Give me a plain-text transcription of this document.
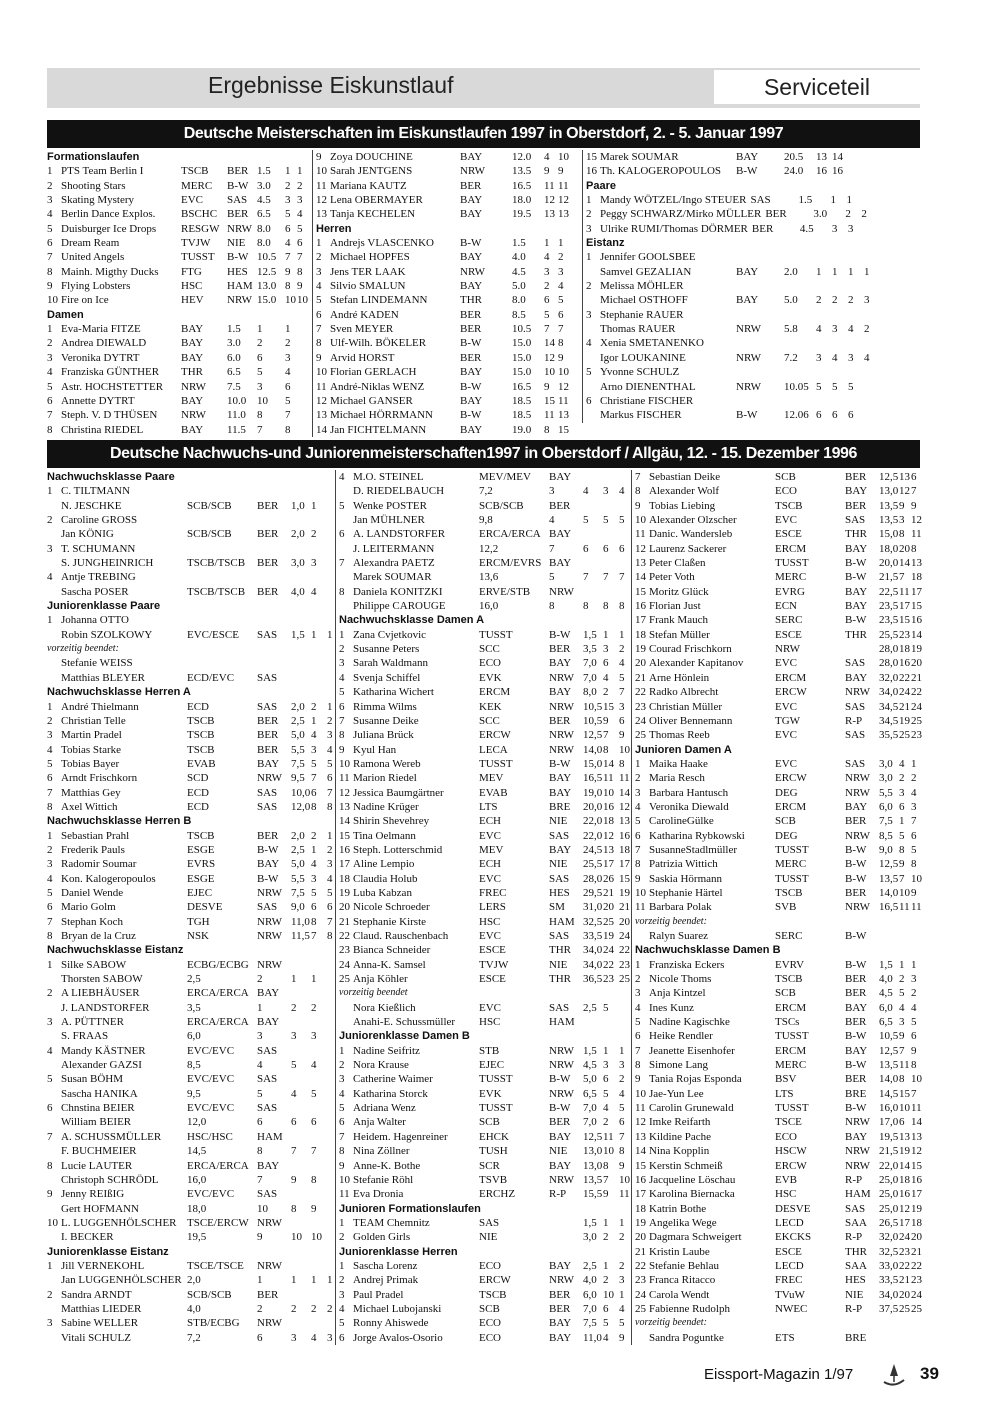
Ergebnisse Eiskunstlauf	Serviceteil
Deutsche Meisterschaften im Eiskunstlaufen 1997 in Oberstdorf, 2. - 5. Januar 1997
Deutsche Nachwuchs-und Juniorenmeisterschaften1997 in Oberstdorf / Allgäu, 12. - 15. Dezember 1996
Formationslaufen
1 PTS Team Berlin I	TSCB	BER 1.5	1 1
2 Shooting Stars	MERC	B-W 3.0	2 2
3 Skating Mystery	EVC	SAS 4.5	3 3
4 Berlin Dance Explos.	BSCHC BER 6.5	5 4
5 Duisburger Ice Drops	RESGW NRW 8.0	6 5
6 Dream Ream	TVJW	NIE	8.0	4 6
7 United Angels	TUSST	B-W 10.5 7 7
8 Mainh. Migthy Ducks	FTG	HES 12.5 9 8
9 Flying Lobsters	HSC	HAM 13.0 8 9
10 Fire on Ice	HEV	NRW 15.0 10 10
Damen
1 Eva-Maria FITZE	BAY	1.5	1	1
2 Andrea DIEWALD	BAY	3.0	2	2
3 Veronika DYTRT	BAY	6.0	6	3
4 Franziska GÜNTHER	THR	6.5	5	4
5 Astr. HOCHSTETTER	NRW	7.5	3	6
6 Annette DYTRT	BAY	10.0 10	5
7 Steph. V. D THÜSEN	NRW	11.0	8	7
8 Christina RIEDEL	BAY	11.5	7	8
9 Zoya DOUCHINE	BAY	12.0	4 10
10 Sarah JENTGENS	NRW	13.5	9 9
11 Mariana KAUTZ	BER	16.5	11 11
12 Lena OBERMAYER	BAY	18.0	12 12
13 Tanja KECHELEN	BAY	19.5	13 13
Herren
1 Andrejs VLASCENKO	B-W	1.5	1 1
2 Michael HOPFES	BAY	4.0	4 2
3 Jens TER LAAK	NRW	4.5	3 3
4 Silvio SMALUN	BAY	5.0	2 4
5 Stefan LINDEMANN	THR	8.0	6 5
6 André KADEN	BER	8.5	5 6
7 Sven MEYER	BER	10.5	7 7
8 Ulf-Wilh. BÖKELER	B-W	15.0	14 8
9 Arvid HORST	BER	15.0	12 9
10 Florian GERLACH	BAY	15.0	10 10
11 André-Niklas WENZ	B-W	16.5	9 12
12 Michael GANSER	BAY	18.5	15 11
13 Michael HÖRRMANN	B-W	18.5	11 13
14 Jan FICHTELMANN	BAY	19.0	8 15
15 Marek SOUMAR	BAY	20.5	13 14
16 Th. KALOGEROPOULOS	B-W	24.0	16 16
Paare
1 Mandy WÖTZEL/Ingo STEUER SAS	1.5	1 1
2 Peggy SCHWARZ/Mirko MÜLLER BER	3.0	2 2
3 Ulrike RUMI/Thomas DÖRMER BER	4.5	3 3
Eistanz
1 Jennifer GOOLSBEE
Samvel GEZALIAN	BAY	2.0	1 1 1 1
2 Melissa MÖHLER
Michael OSTHOFF	BAY	5.0	2 2 2 3
3 Stephanie RAUER
Thomas RAUER	NRW	5.8	4 3 4 2
4 Xenia SMETANENKO
Igor LOUKANINE	NRW	7.2	3 4 3 4
5 Yvonne SCHULZ
Arno DIENENTHAL	NRW	10.05 5 5 5
6 Christiane FISCHER
Markus FISCHER	B-W	12.06 6 6 6
Nachwuchsklasse Paare
1 C. TILTMANN
N. JESCHKE	SCB/SCB	BER	1,0 1
2 Caroline GROSS
Jan KÖNIG	SCB/SCB	BER	2,0 2
3 T. SCHUMANN
S. JUNGHEINRICH	TSCB/TSCB	BER	3,0 3
4 Antje TREBING
Sascha POSER	TSCB/TSCB	BER	4,0 4
Juniorenklasse Paare
1 Johanna OTTO
Robin SZOLKOWY	EVC/ESCE	SAS	1,5 1 1
vorzeitig beendet:
Stefanie WEISS
Matthias BLEYER	ECD/EVC	SAS
Nachwuchsklasse Herren A
1 André Thielmann	ECD	SAS	2,0 2 1
2 Christian Telle	TSCB	BER	2,5 1 2
3 Martin Pradel	TSCB	BER	5,0 4 3
4 Tobias Starke	TSCB	BER	5,5 3 4
5 Tobias Bayer	EVAB	BAY	7,5 5 5
6 Arndt Frischkorn	SCD	NRW 9,5 7 6
7 Matthias Gey	ECD	SAS	10,0 6 7
8 Axel Wittich	ECD	SAS	12,0 8 8
Nachwuchsklasse Herren B
1 Sebastian Prahl	TSCB	BER	2,0 2 1
2 Frederik Pauls	ESGE	B-W	2,5 1 2
3 Radomir Soumar	EVRS	BAY	5,0 4 3
4 Kon. Kalogeropoulos	ESGE	B-W	5,5 3 4
5 Daniel Wende	EJEC	NRW 7,5 5 5
6 Mario Golm	DESVE	SAS	9,0 6 6
7 Stephan Koch	TGH	NRW 11,0 8 7
8 Bryan de la Cruz	NSK	NRW 11,5 7 8
Nachwuchsklasse Eistanz
1 Silke SABOW	ECBG/ECBG NRW
Thorsten SABOW	2,5	2	1	1
2 A LIEBHÄUSER	ERCA/ERCA BAY
J. LANDSTORFER	3,5	1	2	2
3 A. PÜTTNER	ERCA/ERCA BAY
S. FRAAS	6,0	3	3	3
4 Mandy KÄSTNER	EVC/EVC	SAS
Alexander GAZSI	8,5	4	5	4
5 Susan BÖHM	EVC/EVC	SAS
Sascha HANIKA	9,5	5	4	5
6 Chnstina BEIER	EVC/EVC	SAS
William BEIER	12,0	6	6	6
7 A. SCHUSSMÜLLER	HSC/HSC	HAM
F. BUCHMEIER	14,5	8	7	7
8 Lucie LAUTER	ERCA/ERCA BAY
Christoph SCHRÖDL	16,0	7	9	8
9 Jenny REIßIG	EVC/EVC	SAS
Gert HOFMANN	18,0	10	8	9
10 L. LUGGENHÖLSCHER TSCE/ERCW NRW
I. BECKER	19,5	9	10 10
Juniorenklasse Eistanz
1 Jill VERNEKOHL	TSCE/TSCE	NRW
Jan LUGGENHÖLSCHER 2,0	1	1	1 1
2 Sandra ARNDT	SCB/SCB	BER
Matthias LIEDER	4,0	2	2	2 2
3 Sabine WELLER	STB/ECBG	NRW
Vitali SCHULZ	7,2	6	3	4 3
4 M.O. STEINEL	MEV/MEV	BAY
D. RIEDELBAUCH	7,2	3	4	3 4
5 Wenke POSTER	SCB/SCB	BER
Jan MÜHLNER	9,8	4	5	5 5
6 A. LANDSTORFER	ERCA/ERCA BAY
J. LEITERMANN	12,2	7	6	6 6
7 Alexandra PAETZ	ERCM/EVRS BAY
Marek SOUMAR	13,6	5	7	7 7
8 Daniela KONITZKI	ERVE/STB	NRW
Philippe CAROUGE	16,0	8	8	8 8
Nachwuchsklasse Damen A
1 Zana Cvjetkovic	TUSST	B-W	1,5 1 1
2 Susanne Peters	SCC	BER	3,5 3 2
3 Sarah Waldmann	ECO	BAY	7,0 6 4
4 Svenja Schiffel	EVK	NRW 7,0 4 5
5 Katharina Wichert	ERCM	BAY	8,0 2 7
6 Rimma Wilms	KEK	NRW 10,5 15 3
7 Susanne Deike	SCC	BER	10,5 9 6
8 Juliana Brück	ERCW	NRW 12,5 7 9
9 Kyul Han	LECA	NRW 14,0 8 10
10 Ramona Wereb	TUSST	B-W	15,0 14 8
11 Marion Riedel	MEV	BAY	16,5 11 11
12 Jessica Baumgärtner	EVAB	BAY	19,0 10 14
13 Nadine Krüger	LTS	BRE	20,0 16 12
14 Shirin Shevehrey	ECH	NIE	22,0 18 13
15 Tina Oelmann	EVC	SAS	22,0 12 16
16 Steph. Lotterschmid	MEV	BAY	24,5 13 18
17 Aline Lempio	ECH	NIE	25,5 17 17
18 Claudia Holub	EVC	SAS	28,0 26 15
19 Luba Kabzan	FREC	HES	29,5 21 19
20 Nicole Schroeder	LERS	SM	31,0 20 21
21 Stephanie Kirste	HSC	HAM 32,5 25 20
22 Claud. Rauschenbach	EVC	SAS	33,5 19 24
23 Bianca Schneider	ESCE	THR	34,0 24 22
24 Anna-K. Samsel	TVJW	NIE	34,0 22 23
25 Anja Köhler	ESCE	THR	36,5 23 25
vorzeitig beendet
Nora Kießlich	EVC	SAS	2,5 5
Anahi-E. Schussmüller	HSC	HAM
Juniorenklasse Damen B
1 Nadine Seifritz	STB	NRW 1,5 1 1
2 Nora Krause	EJEC	NRW 4,5 3 3
3 Catherine Waimer	TUSST	B-W	5,0 6 2
4 Katharina Storck	EVK	NRW 6,5 5 4
5 Adriana Wenz	TUSST	B-W	7,0 4 5
6 Anja Walter	SCB	BER	7,0 2 6
7 Heidem. Hagenreiner	EHCK	BAY	12,5 11 7
8 Nina Zöllner	TUSH	NIE	13,0 10 8
9 Anne-K. Bothe	SCR	BAY	13,0 8 9
10 Stefanie Röhl	TSVB	NRW 13,5 7 10
11 Eva Dronia	ERCHZ	R-P	15,5 9 11
Junioren Formationslaufen
1 TEAM Chemnitz	SAS	1,5 1 1
2 Golden Girls	NIE	3,0 2 2
Juniorenklasse Herren
1 Sascha Lorenz	ECO	BAY	2,5 1 2
2 Andrej Primak	ERCW	NRW 4,0 2 3
3 Paul Pradel	TSCB	BER	6,0 10 1
4 Michael Lubojanski	SCB	BER	7,0 6 4
5 Ronny Ahiswede	ECO	BAY	7,5 5 5
6 Jorge Avalos-Osorio	ECO	BAY	11,0 4 9
7 Sebastian Deike	SCB	BER	12,5 13 6
8 Alexander Wolf	ECO	BAY	13,0 12 7
9 Tobias Liebing	TSCB	BER	13,5 9 9
10 Alexander Olzscher	EVC	SAS	13,5 3 12
11 Danic. Wandersleb	ESCE	THR	15,0 8 11
12 Laurenz Sackerer	ERCM	BAY	18,0 20 8
13 Peter Claßen	TUSST	B-W	20,0 14 13
14 Peter Voth	MERC	B-W	21,5 7 18
15 Moritz Glück	EVRG	BAY	22,5 11 17
16 Florian Just	ECN	BAY	23,5 17 15
17 Frank Mauch	SERC	B-W	23,5 15 16
18 Stefan Müller	ESCE	THR	25,5 23 14
19 Courad Frischkorn	NRW	28,0 18 19
20 Alexander Kapitanov	EVC	SAS	28,0 16 20
21 Arne Hönlein	ERCM	BAY	32,0 22 21
22 Radko Albrecht	ERCW	NRW 34,0 24 22
23 Christian Müller	EVC	SAS	34,5 21 24
24 Oliver Bennemann	TGW	R-P	34,5 19 25
25 Thomas Reeb	EVC	SAS	35,5 25 23
Junioren Damen A
1 Maika Haake	EVC	SAS	3,0 4 1
2 Maria Resch	ERCW	NRW 3,0 2 2
3 Barbara Hantusch	DEG	NRW 5,5 3 4
4 Veronika Diewald	ERCM	BAY	6,0 6 3
5 CarolineGülke	SCB	BER	7,5 1 7
6 Katharina Rybkowski	DEG	NRW 8,5 5 6
7 SusanneStadlmüller	TUSST	B-W	9,0 8 5
8 Patrizia Wittich	MERC	B-W	12,5 9 8
9 Saskia Hörmann	TUSST	B-W	13,5 7 10
10 Stephanie Härtel	TSCB	BER	14,0 10 9
11 Barbara Polak	SVB	NRW 16,5 11 11
vorzeitig beendet:
Ralyn Suarez	SERC	B-W
Nachwuchsklasse Damen B
1 Franziska Eckers	EVRV	B-W	1,5 1 1
2 Nicole Thoms	TSCB	BER	4,0 2 3
3 Anja Kintzel	SCB	BER	4,5 5 2
4 Ines Kunz	ERCM	BAY	6,0 4 4
5 Nadine Kagischke	TSCs	BER	6,5 3 5
6 Heike Rendler	TUSST	B-W	10,5 9 6
7 Jeanette Eisenhofer	ERCM	BAY	12,5 7 9
8 Simone Lang	MERC	B-W	13,5 11 8
9 Tania Rojas Esponda	BSV	BER	14,0 8 10
10 Jae-Yun Lee	LTS	BRE	14,5 15 7
11 Carolin Grunewald	TUSST	B-W	16,0 10 11
12 Imke Reifarth	TSCE	NRW 17,0 6 14
13 Kildine Pache	ECO	BAY	19,5 13 13
14 Nina Kopplin	HSCW	NRW 21,5 19 12
15 Kerstin Schmeiß	ERCW	NRW 22,0 14 15
16 Jacqueline Löschau	EVB	R-P	25,0 18 16
17 Karolina Biernacka	HSC	HAM 25,0 16 17
18 Katrin Bothe	DESVE	SAS	25,0 12 19
19 Angelika Wege	LECD	SAA	26,5 17 18
20 Dagmara Schweigert	EKCKS	R-P	32,0 24 20
21 Kristin Laube	ESCE	THR	32,5 23 21
22 Stefanie Behlau	LECD	SAA	33,0 22 22
23 Franca Ritacco	FREC	HES	33,5 21 23
24 Carola Wendt	TVuW	NIE	34,0 20 24
25 Fabienne Rudolph	NWEC	R-P	37,5 25 25
vorzeitig beendet:
Sandra Poguntke	ETS	BRE
Eissport-Magazin 1/97	39
